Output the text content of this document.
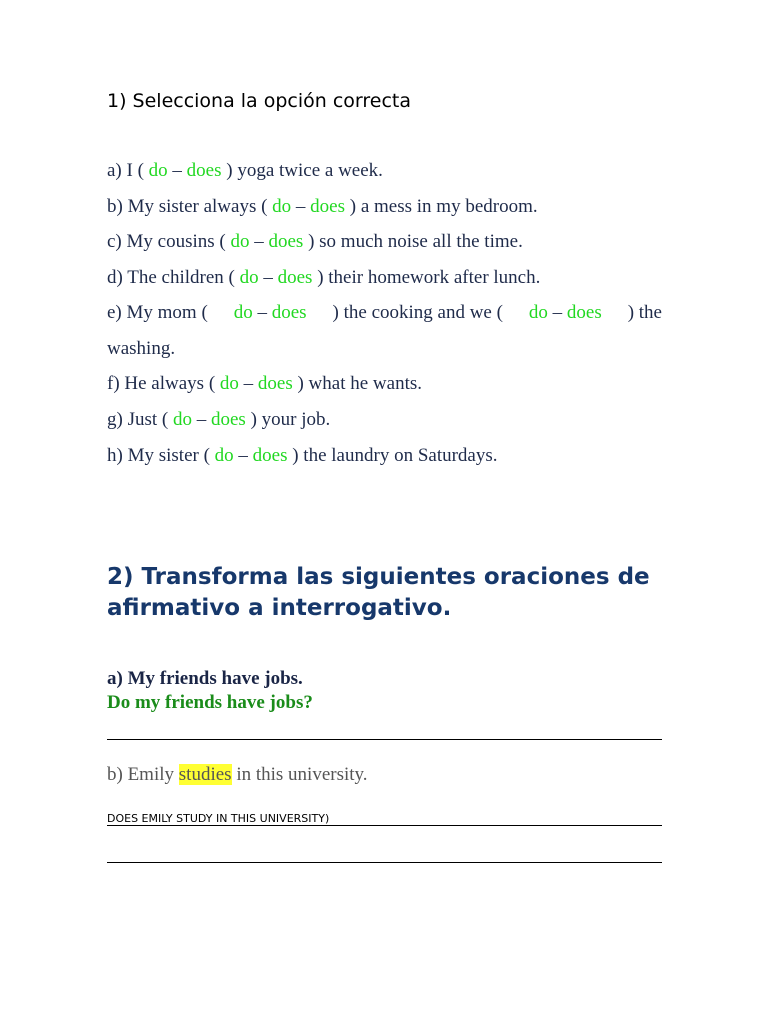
1) Selecciona la opción correcta
a) I ( do – does ) yoga twice a week.
b) My sister always ( do – does ) a mess in my bedroom.
c) My cousins ( do – does ) so much noise all the time.
d) The children ( do – does ) their homework after lunch.
e) My mom ( do – does ) the cooking and we ( do – does ) the
washing.
f) He always ( do – does ) what he wants.
g) Just ( do – does ) your job.
h) My sister ( do – does ) the laundry on Saturdays.
2) Transforma las siguientes oraciones de afirmativo a interrogativo.
a) My friends have jobs.
Do my friends have jobs?
b) Emily studies in this university.
DOES EMILY STUDY IN THIS UNIVERSITY)
